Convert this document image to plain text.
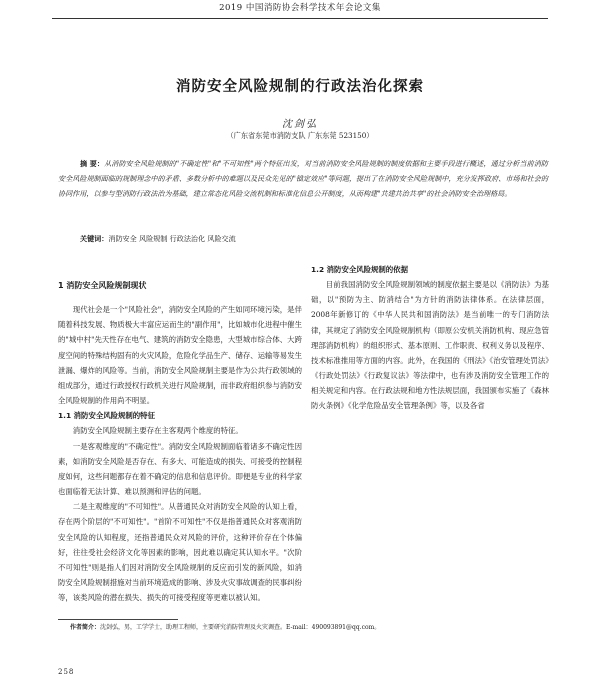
2019 中国消防协会科学技术年会论文集
消防安全风险规制的行政法治化探索
沈剑弘
（广东省东莞市消防支队 广东东莞 523150）
摘 要：从消防安全风险规制的"不确定性"和"不可知性"两个特征出发，对当前消防安全风险规制的制度依据和主要手段进行概述，通过分析当前消防安全风险规制面临的规制理念中的矛盾、多数分析中的难题以及民众先见的"锚定效应"等问题，提出了在消防安全风险规制中，充分发挥政府、市场和社会的协同作用，以参与型消防行政法治为基础，建立常态化风险交流机制和标准化信息公开制度，从而构建"共建共治共享"的社会消防安全治理格局。
关键词：消防安全 风险规制 行政法治化 风险交流
1 消防安全风险规制现状

现代社会是一个"风险社会"，消防安全风险的产生如同环境污染，是伴随着科技发展、物质极大丰富应运而生的"副作用"，比如城市化进程中催生的"城中村"先天性存在电气、建筑的消防安全隐患，大型城市综合体、大跨度空间的特殊结构固有的火灾风险，危险化学品生产、储存、运输等易发生泄漏、爆炸的风险等。当前，消防安全风险规制主要是作为公共行政领域的组成部分，通过行政授权行政机关进行风险规制，而非政府组织参与消防安全风险规制的作用尚不明显。

1.1 消防安全风险规制的特征

消防安全风险规制主要存在主客观两个维度的特征。

一是客观维度的"不确定性"。消防安全风险规制面临着诸多不确定性因素，如消防安全风险是否存在、有多大、可能造成的损失、可接受的控制程度如何，这些问题都存在着不确定的信息和信息评价。即便是专业的科学家也面临着无法计算、难以预测和评估的问题。

二是主观维度的"不可知性"。从普通民众对消防安全风险的认知上看，存在两个阶层的"不可知性"。"首阶不可知性"不仅是指普通民众对客观消防安全风险的认知程度，还指普通民众对风险的评价，这种评价存在个体偏好，往往受社会经济文化等因素的影响，因此难以确定其认知水平。"次阶不可知性"则是指人们因对消防安全风险规制的反应而引发的新风险，如消防安全风险规制措施对当前环境造成的影响、涉及火灾事故调查的民事纠纷等，该类风险的潜在损失、损失的可接受程度等更难以被认知。

1.2 消防安全风险规制的依据

目前我国消防安全风险规制领域的制度依据主要是以《消防法》为基础，以"预防为主、防消结合"为方针的消防法律体系。在法律层面，2008年新修订的《中华人民共和国消防法》是当前唯一的专门消防法律，其规定了消防安全风险规制机构（即原公安机关消防机构、现应急管理部消防机构）的组织形式、基本原则、工作职责、权利义务以及程序、技术标准推用等方面的内容。此外，在我国的《刑法》《治安管理处罚法》《行政处罚法》《行政复议法》等法律中，也有涉及消防安全管理工作的相关规定和内容。在行政法规和地方性法规层面，我国颁布实施了《森林防火条例》《化学危险品安全管理条例》等，以及各省

作者简介：沈剑弘，男，工学学士，助理工程师，主要研究消防管理及火灾调查。E-mail：490093891@qq.com。
258
